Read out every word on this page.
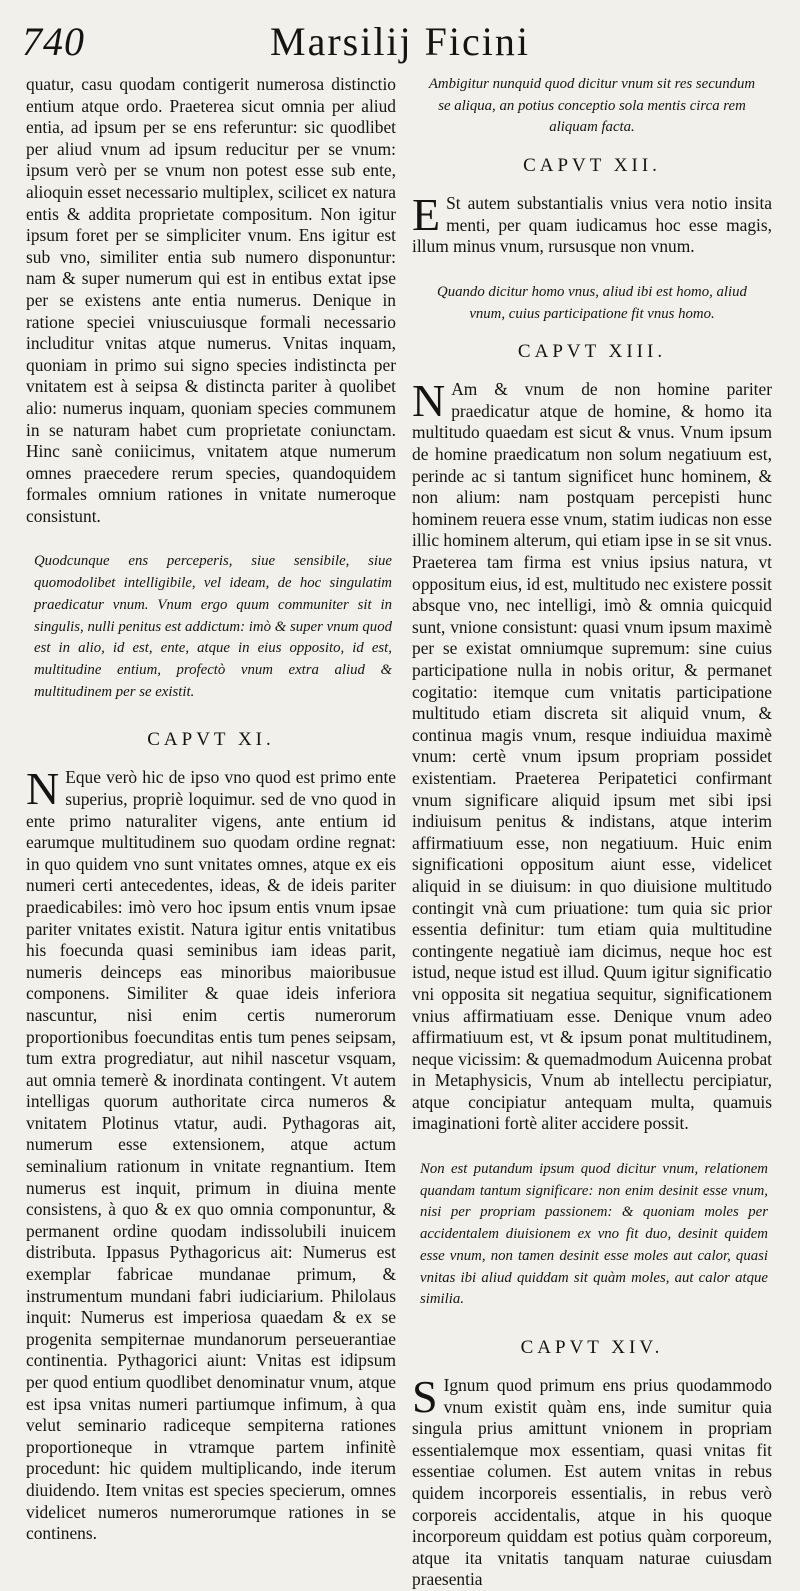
740	Marsilij Ficini

quatur, casu quodam contigerit numerosa distinctio entium atque ordo. Praeterea sicut omnia per aliud entia, ad ipsum per se ens referuntur: sic quodlibet per aliud vnum ad ipsum reducitur per se vnum: ipsum verò per se vnum non potest esse sub ente, alioquin esset necessario multiplex, scilicet ex natura entis & addita proprietate compositum. Non igitur ipsum foret per se simpliciter vnum. Ens igitur est sub vno, similiter entia sub numero disponuntur: nam & super numerum qui est in entibus extat ipse per se existens ante entia numerus. Denique in ratione speciei vniuscuiusque formali necessario includitur vnitas atque numerus. Vnitas inquam, quoniam in primo sui signo species indistincta per vnitatem est à seipsa & distincta pariter à quolibet alio: numerus inquam, quoniam species communem in se naturam habet cum proprietate coniunctam. Hinc sanè coniicimus, vnitatem atque numerum omnes praecedere rerum species, quandoquidem formales omnium rationes in vnitate numeroque consistunt.

Quodcunque ens perceperis, siue sensibile, siue quomodolibet intelligibile, vel ideam, de hoc singulatim praedicatur vnum. Vnum ergo quum communiter sit in singulis, nulli penitus est addictum: imò & super vnum quod est in alio, id est, ente, atque in eius opposito, id est, multitudine entium, profectò vnum extra aliud & multitudinem per se existit.

CAPVT XI.

N Eque verò hic de ipso vno quod est primo ente superius, propriè loquimur. sed de vno quod in ente primo naturaliter vigens, ante entium id earumque multitudinem suo quodam ordine regnat: in quo quidem vno sunt vnitates omnes, atque ex eis numeri certi antecedentes, ideas, & de ideis pariter praedicabiles: imò vero hoc ipsum entis vnum ipsae pariter vnitates existit. Natura igitur entis vnitatibus his foecunda quasi seminibus iam ideas parit, numeris deinceps eas minoribus maioribusue componens. Similiter & quae ideis inferiora nascuntur, nisi enim certis numerorum proportionibus foecunditas entis tum penes seipsam, tum extra progrediatur, aut nihil nascetur vsquam, aut omnia temerè & inordinata contingent. Vt autem intelligas quorum authoritate circa numeros & vnitatem Plotinus vtatur, audi. Pythagoras ait, numerum esse extensionem, atque actum seminalium rationum in vnitate regnantium. Item numerus est inquit, primum in diuina mente consistens, à quo & ex quo omnia componuntur, & permanent ordine quodam indissolubili inuicem distributa. Ippasus Pythagoricus ait: Numerus est exemplar fabricae mundanae primum, & instrumentum mundani fabri iudiciarium. Philolaus inquit: Numerus est imperiosa quaedam & ex se progenita sempiternae mundanorum perseuerantiae continentia. Pythagorici aiunt: Vnitas est idipsum per quod entium quodlibet denominatur vnum, atque est ipsa vnitas numeri partiumque infimum, à qua velut seminario radiceque sempiterna rationes proportioneque in vtramque partem infinitè procedunt: hic quidem multiplicando, inde iterum diuidendo. Item vnitas est species specierum, omnes videlicet numeros numerorumque rationes in se continens.

Ambigitur nunquid quod dicitur vnum sit res secundum se aliqua, an potius conceptio sola mentis circa rem aliquam facta.

CAPVT XII.

E St autem substantialis vnius vera notio insita menti, per quam iudicamus hoc esse magis, illum minus vnum, rursusque non vnum.

Quando dicitur homo vnus, aliud ibi est homo, aliud vnum, cuius participatione fit vnus homo.

CAPVT XIII.

N Am & vnum de non homine pariter praedicatur atque de homine, & homo ita multitudo quaedam est sicut & vnus. Vnum ipsum de homine praedicatum non solum negatiuum est, perinde ac si tantum significet hunc hominem, & non alium: nam postquam percepisti hunc hominem reuera esse vnum, statim iudicas non esse illic hominem alterum, qui etiam ipse in se sit vnus. Praeterea tam firma est vnius ipsius natura, vt oppositum eius, id est, multitudo nec existere possit absque vno, nec intelligi, imò & omnia quicquid sunt, vnione consistunt: quasi vnum ipsum maximè per se existat omniumque supremum: sine cuius participatione nulla in nobis oritur, & permanet cogitatio: itemque cum vnitatis participatione multitudo etiam discreta sit aliquid vnum, & continua magis vnum, resque indiuidua maximè vnum: certè vnum ipsum propriam possidet existentiam. Praeterea Peripatetici confirmant vnum significare aliquid ipsum met sibi ipsi indiuisum penitus & indistans, atque interim affirmatiuum esse, non negatiuum. Huic enim significationi oppositum aiunt esse, videlicet aliquid in se diuisum: in quo diuisione multitudo contingit vnà cum priuatione: tum quia sic prior essentia definitur: tum etiam quia multitudine contingente negatiuè iam dicimus, neque hoc est istud, neque istud est illud. Quum igitur significatio vni opposita sit negatiua sequitur, significationem vnius affirmatiuam esse. Denique vnum adeo affirmatiuum est, vt & ipsum ponat multitudinem, neque vicissim: & quemadmodum Auicenna probat in Metaphysicis, Vnum ab intellectu percipiatur, atque concipiatur antequam multa, quamuis imaginationi fortè aliter accidere possit.

Non est putandum ipsum quod dicitur vnum, relationem quandam tantum significare: non enim desinit esse vnum, nisi per propriam passionem: & quoniam moles per accidentalem diuisionem ex vno fit duo, desinit quidem esse vnum, non tamen desinit esse moles aut calor, quasi vnitas ibi aliud quiddam sit quàm moles, aut calor atque similia.

CAPVT XIV.

S Ignum quod primum ens prius quodammodo vnum existit quàm ens, inde sumitur quia singula prius amittunt vnionem in propriam essentialemque mox essentiam, quasi vnitas fit essentiae columen. Est autem vnitas in rebus quidem incorporeis essentialis, in rebus verò corporeis accidentalis, atque in his quoque incorporeum quiddam est potius quàm corporeum, atque ita vnitatis tanquam naturae cuiusdam praesentia
